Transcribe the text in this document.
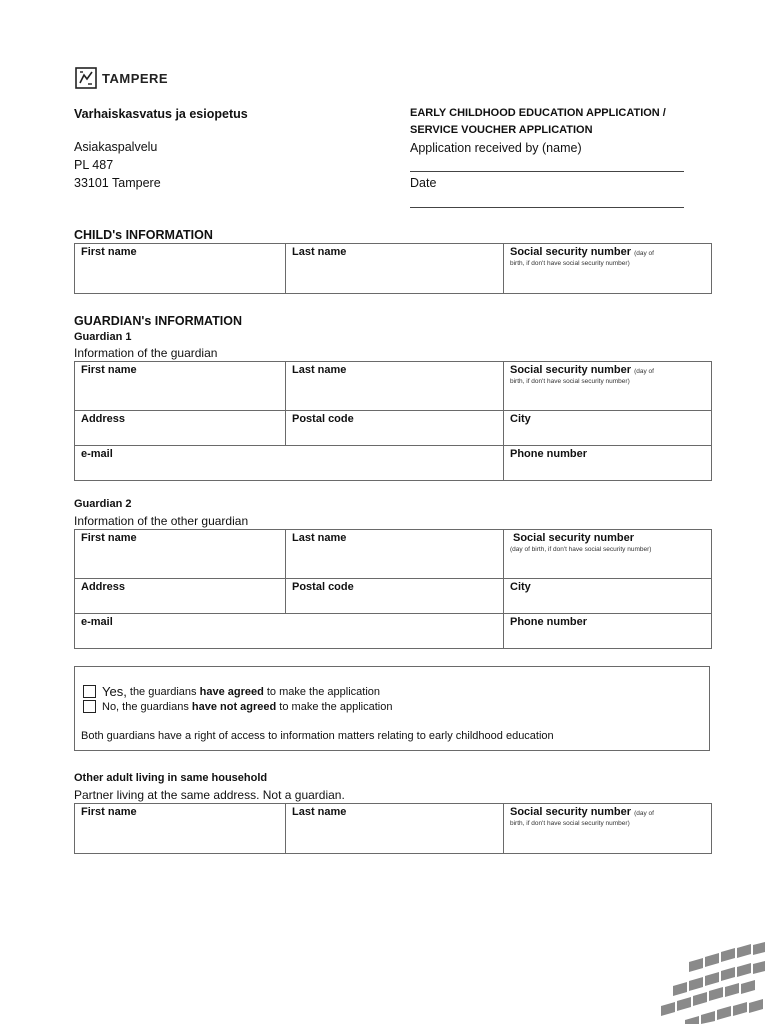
TAMPERE
Varhaiskasvatus ja esiopetus
Asiakaspalvelu
PL 487
33101 Tampere
EARLY CHILDHOOD EDUCATION APPLICATION /
SERVICE VOUCHER APPLICATION
Application received by (name)
Date
CHILD's INFORMATION
First name	Last name	Social security number (day of
birth, if don't have social security number)
GUARDIAN's INFORMATION
Guardian 1
Information of the guardian
First name	Last name	Social security number (day of
birth, if don't have social security number)

Address	Postal code	City
e-mail		Phone number
Guardian 2
Information of the other guardian
First name	Last name	Social security number
(day of birth, if don't have social security number)

Address	Postal code	City
e-mail		Phone number
Yes, the guardians have agreed to make the application
No, the guardians have not agreed to make the application
Both guardians have a right of access to information matters relating to early childhood education
Other adult living in same household
Partner living at the same address. Not a guardian.
First name	Last name	Social security number (day of
birth, if don't have social security number)
